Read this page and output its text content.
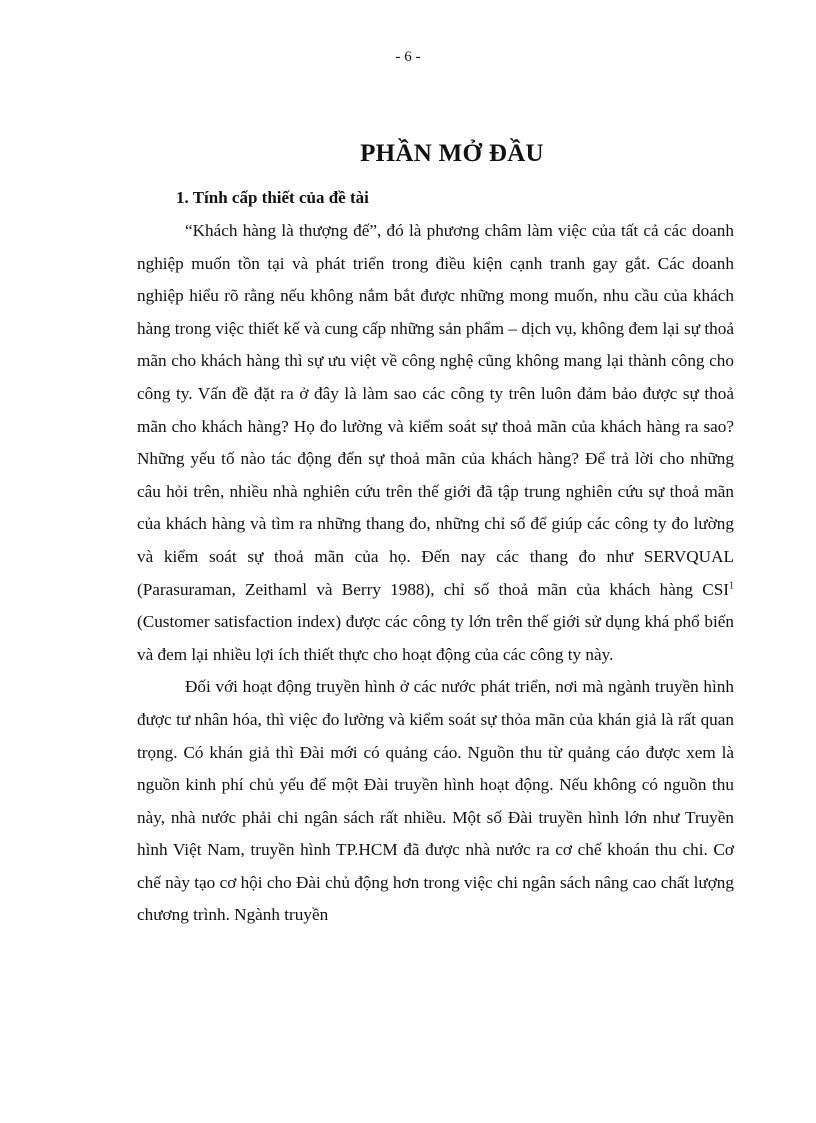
- 6 -
PHẦN MỞ ĐẦU
1. Tính cấp thiết của đề tài

“Khách hàng là thượng đế”, đó là phương châm làm việc của tất cả các doanh nghiệp muốn tồn tại và phát triển trong điều kiện cạnh tranh gay gắt. Các doanh nghiệp hiểu rõ rằng nếu không nắm bắt được những mong muốn, nhu cầu của khách hàng trong việc thiết kế và cung cấp những sản phẩm – dịch vụ, không đem lại sự thoả mãn cho khách hàng thì sự ưu việt về công nghệ cũng không mang lại thành công cho công ty. Vấn đề đặt ra ở đây là làm sao các công ty trên luôn đảm bảo được sự thoả mãn cho khách hàng? Họ đo lường và kiểm soát sự thoả mãn của khách hàng ra sao? Những yếu tố nào tác động đến sự thoả mãn của khách hàng? Để trả lời cho những câu hỏi trên, nhiều nhà nghiên cứu trên thế giới đã tập trung nghiên cứu sự thoả mãn của khách hàng và tìm ra những thang đo, những chỉ số để giúp các công ty đo lường và kiểm soát sự thoả mãn của họ. Đến nay các thang đo như SERVQUAL (Parasuraman, Zeithaml và Berry 1988), chỉ số thoả mãn của khách hàng CSI$^1$ (Customer satisfaction index) được các công ty lớn trên thế giới sử dụng khá phổ biến và đem lại nhiều lợi ích thiết thực cho hoạt động của các công ty này.

Đối với hoạt động truyền hình ở các nước phát triển, nơi mà ngành truyền hình được tư nhân hóa, thì việc đo lường và kiểm soát sự thỏa mãn của khán giả là rất quan trọng. Có khán giả thì Đài mới có quảng cáo. Nguồn thu từ quảng cáo được xem là nguồn kinh phí chủ yếu để một Đài truyền hình hoạt động. Nếu không có nguồn thu này, nhà nước phải chi ngân sách rất nhiều. Một số Đài truyền hình lớn như Truyền hình Việt Nam, truyền hình TP.HCM đã được nhà nước ra cơ chế khoán thu chi. Cơ chế này tạo cơ hội cho Đài chủ động hơn trong việc chi ngân sách nâng cao chất lượng chương trình. Ngành truyền
